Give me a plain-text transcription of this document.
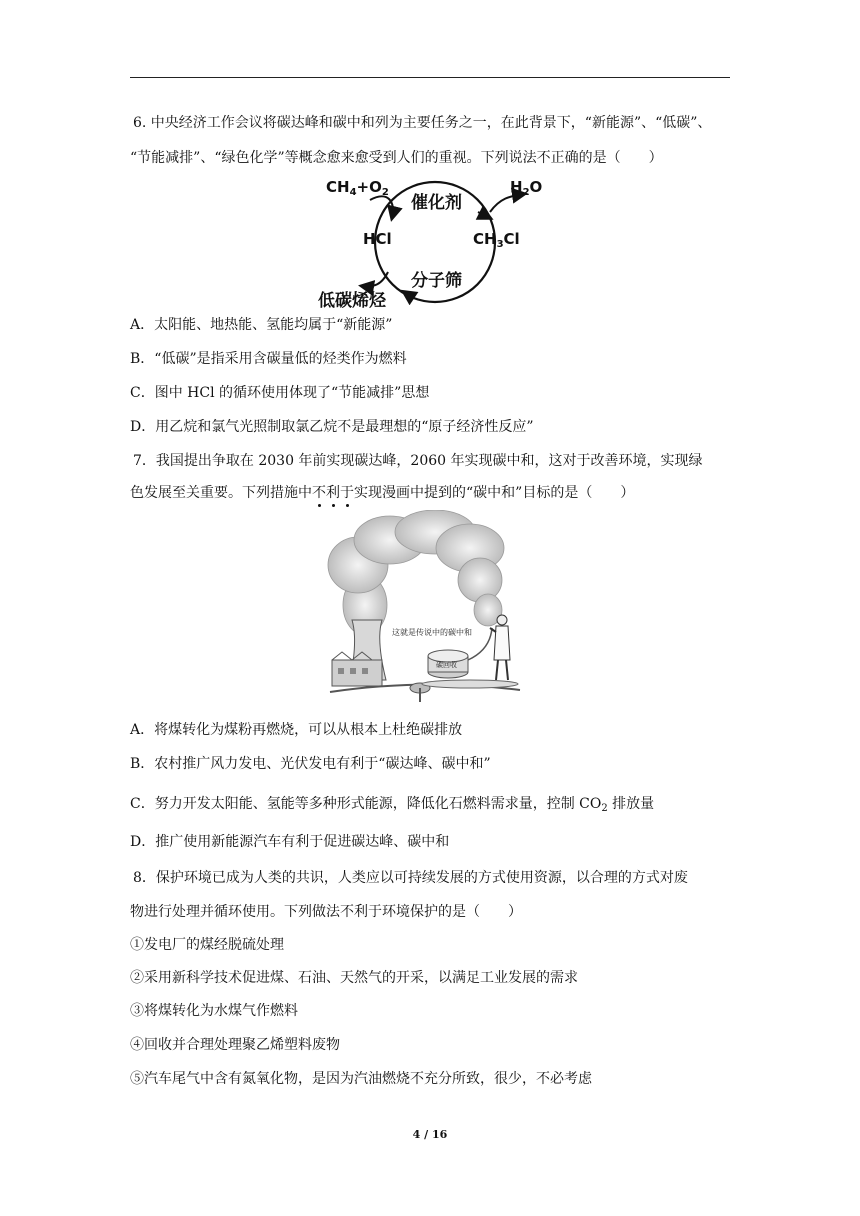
6. 中央经济工作会议将碳达峰和碳中和列为主要任务之一，在此背景下，“新能源”、“低碳”、
“节能减排”、“绿色化学”等概念愈来愈受到人们的重视。下列说法不正确的是（　　）
$CH_4+O_2$
催化剂
$H_2O$
HCl	$CH_3Cl$
分子筛
低碳烯烃
A．太阳能、地热能、氢能均属于“新能源”
B．“低碳”是指采用含碳量低的烃类作为燃料
C．图中 HCl 的循环使用体现了“节能减排”思想
D．用乙烷和氯气光照制取氯乙烷不是最理想的“原子经济性反应”
7．我国提出争取在 2030 年前实现碳达峰，2060 年实现碳中和，这对于改善环境，实现绿
色发展至关重要。下列措施中不利于实现漫画中提到的“碳中和”目标的是（　　）
这就是传说中的碳中和
碳回收
A．将煤转化为煤粉再燃烧，可以从根本上杜绝碳排放
B．农村推广风力发电、光伏发电有利于“碳达峰、碳中和”
C．努力开发太阳能、氢能等多种形式能源，降低化石燃料需求量，控制 $CO_2$ 排放量
D．推广使用新能源汽车有利于促进碳达峰、碳中和
8．保护环境已成为人类的共识，人类应以可持续发展的方式使用资源，以合理的方式对废
物进行处理并循环使用。下列做法不利于环境保护的是（　　）
①发电厂的煤经脱硫处理
②采用新科学技术促进煤、石油、天然气的开采，以满足工业发展的需求
③将煤转化为水煤气作燃料
④回收并合理处理聚乙烯塑料废物
⑤汽车尾气中含有氮氧化物，是因为汽油燃烧不充分所致，很少，不必考虑
4 / 16
